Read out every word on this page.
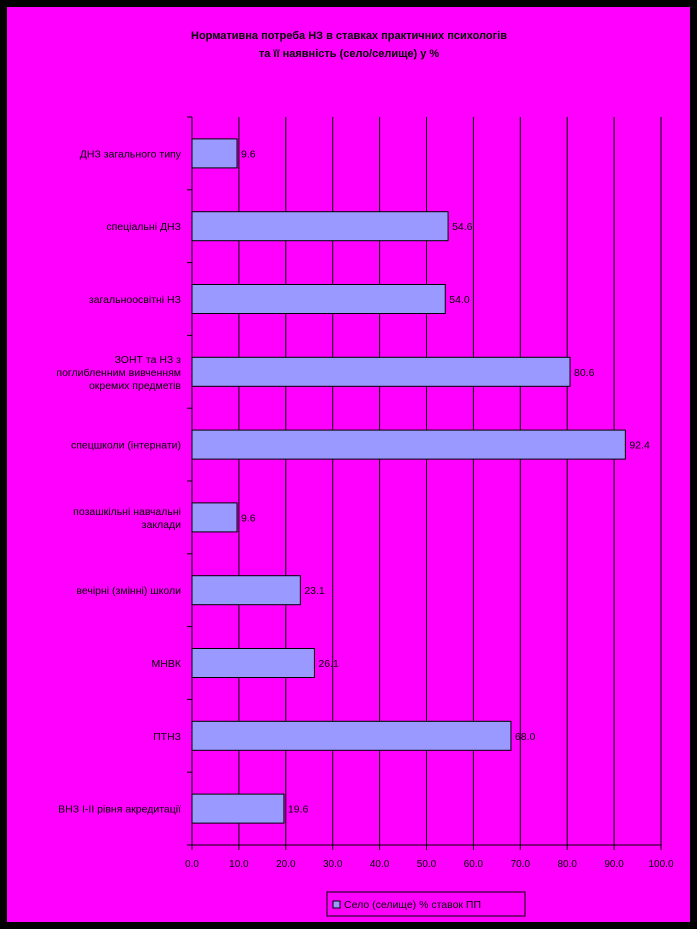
Нормативна потреба НЗ в ставках практичних психологів
та її наявність (село/селище) у %
0.0	10.0	20.0	30.0	40.0	50.0	60.0	70.0	80.0	90.0 100.0
9.6
ДНЗ загального типу
54.6
спеціальні ДНЗ
54.0
загальноосвітні НЗ
80.6
ЗОНТ та НЗ з
поглибленним вивченням
окремих предметів
92.4
спецшколи (інтернати)
9.6
позашкільні навчальні
заклади
23.1
вечірні (змінні) школи
26.1
МНВК
68.0
ПТНЗ
19.6
ВНЗ І-ІІ рівня акредитації
Село (селище) % ставок ПП
